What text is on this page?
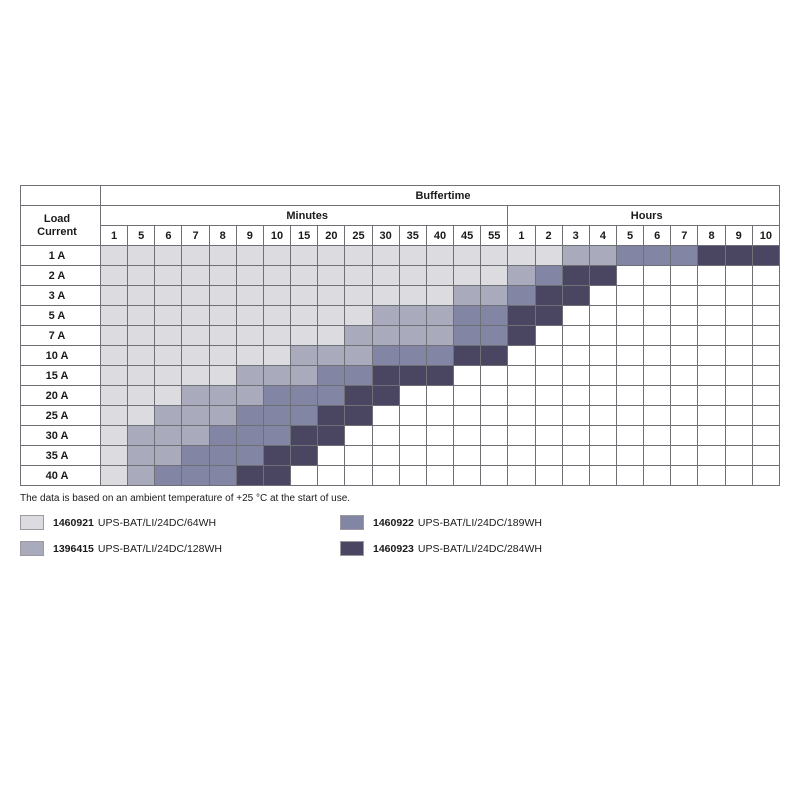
	Buffertime																								
Load
Current	Minutes															Hours									
	1	5	6	7	8	9	10	15	20	25	30	35	40	45	55	1	2	3	4	5	6	7	8	9	10
1 A																									
2 A																									
3 A																									
5 A																									
7 A																									
10 A																									
15 A																									
20 A																									
25 A																									
30 A																									
35 A																									
40 A																									
The data is based on an ambient temperature of +25 °C at the start of use.
1460921 UPS-BAT/LI/24DC/64WH	1460922 UPS-BAT/LI/24DC/189WH
1396415 UPS-BAT/LI/24DC/128WH	1460923 UPS-BAT/LI/24DC/284WH
